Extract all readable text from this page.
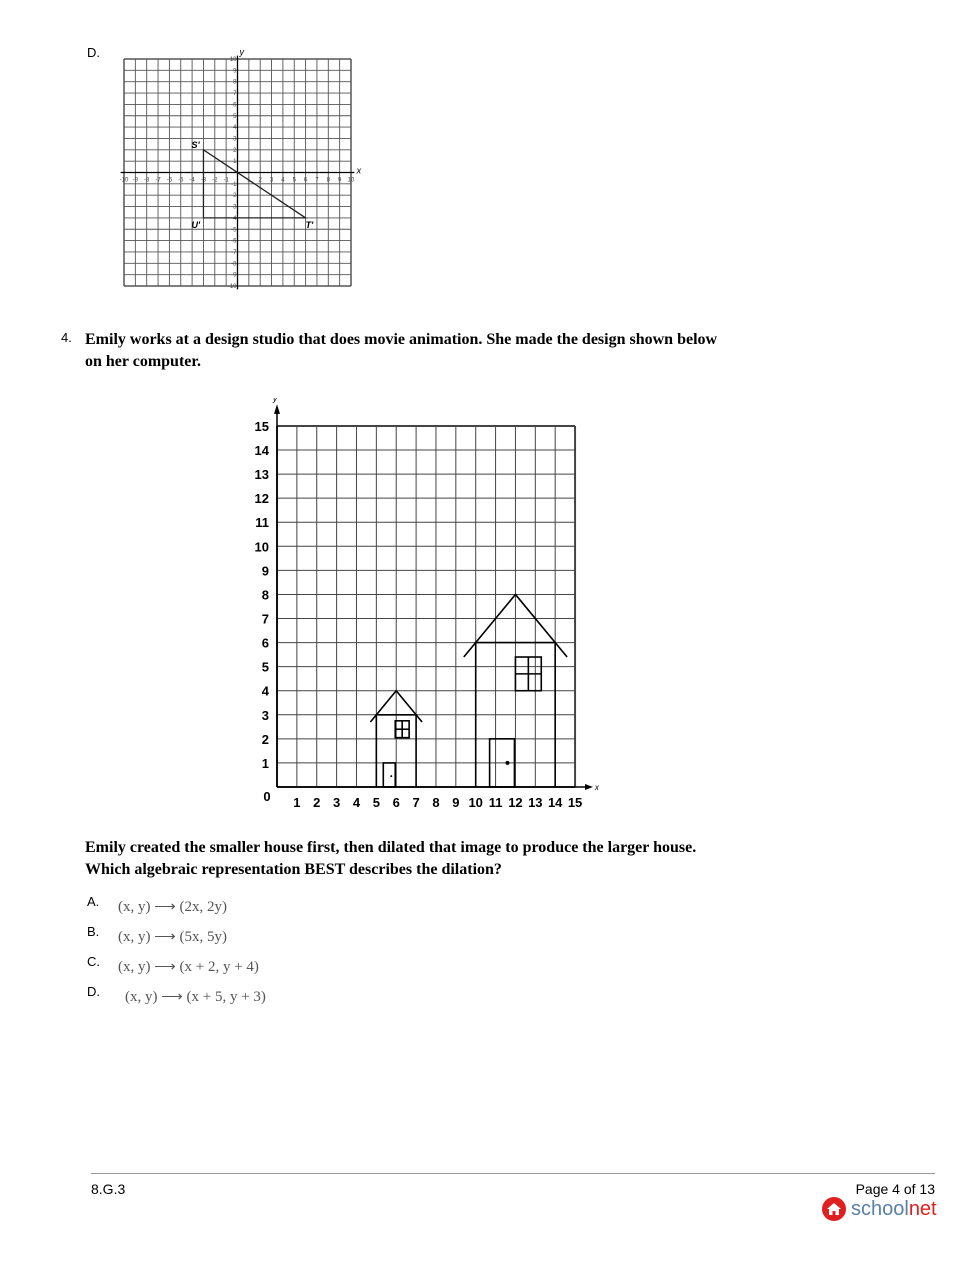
D.
-10
-10
-9
-9
-8
-8
-7
-7
-6
-6
-5
-5
-4
-4
-3
-3
-2
-2
-1
-1
1
1
2
2
3
3
4
4
5
5
6
6
7
7
8
8
9
9
10
10
x
y
S'
U'	T'
4. Emily works at a design studio that does movie animation. She made the design shown below
on her computer.
x
y
0 1 2 3 4 5 6 7 8 9 10 11 12 13 14 15
1
2
3
4
5
6
7
8
9
10
11
12
13
14
15
Emily created the smaller house first, then dilated that image to produce the larger house.
Which algebraic representation BEST describes the dilation?
A. (x, y) ⟶ (2x, 2y)
B. (x, y) ⟶ (5x, 5y)
C. (x, y) ⟶ (x + 2, y + 4)
D. (x, y) ⟶ (x + 5, y + 3)
8.G.3	Page 4 of 13
school net
